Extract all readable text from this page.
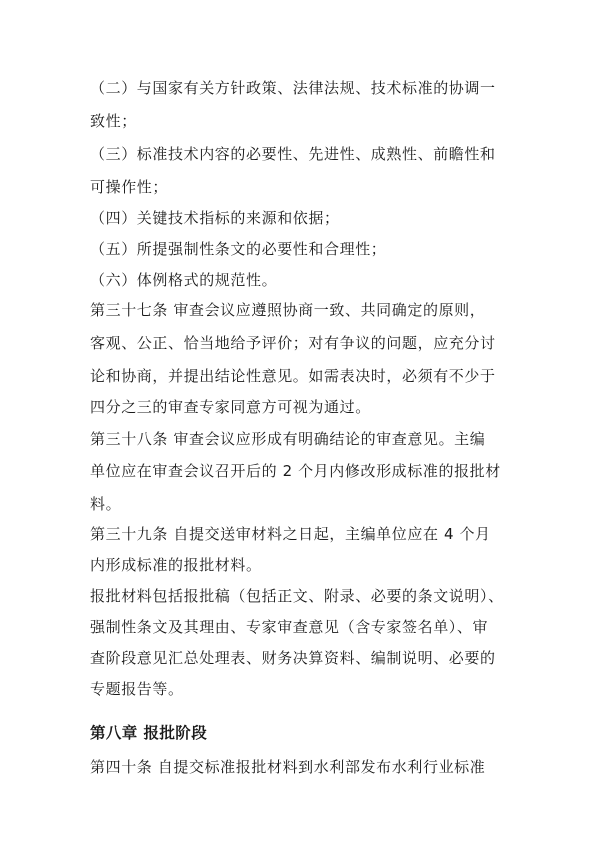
（二）与国家有关方针政策、法律法规、技术标准的协调一
致性；
（三）标准技术内容的必要性、先进性、成熟性、前瞻性和
可操作性；
（四）关键技术指标的来源和依据；
（五）所提强制性条文的必要性和合理性；
（六）体例格式的规范性。
第三十七条 审查会议应遵照协商一致、共同确定的原则，
客观、公正、恰当地给予评价；对有争议的问题，应充分讨
论和协商，并提出结论性意见。如需表决时，必须有不少于
四分之三的审查专家同意方可视为通过。
第三十八条 审查会议应形成有明确结论的审查意见。主编
单位应在审查会议召开后的 2 个月内修改形成标准的报批材
料。
第三十九条 自提交送审材料之日起，主编单位应在 4 个月
内形成标准的报批材料。
报批材料包括报批稿（包括正文、附录、必要的条文说明）、
强制性条文及其理由、专家审查意见（含专家签名单）、审
查阶段意见汇总处理表、财务决算资料、编制说明、必要的
专题报告等。
第八章 报批阶段
第四十条 自提交标准报批材料到水利部发布水利行业标准
